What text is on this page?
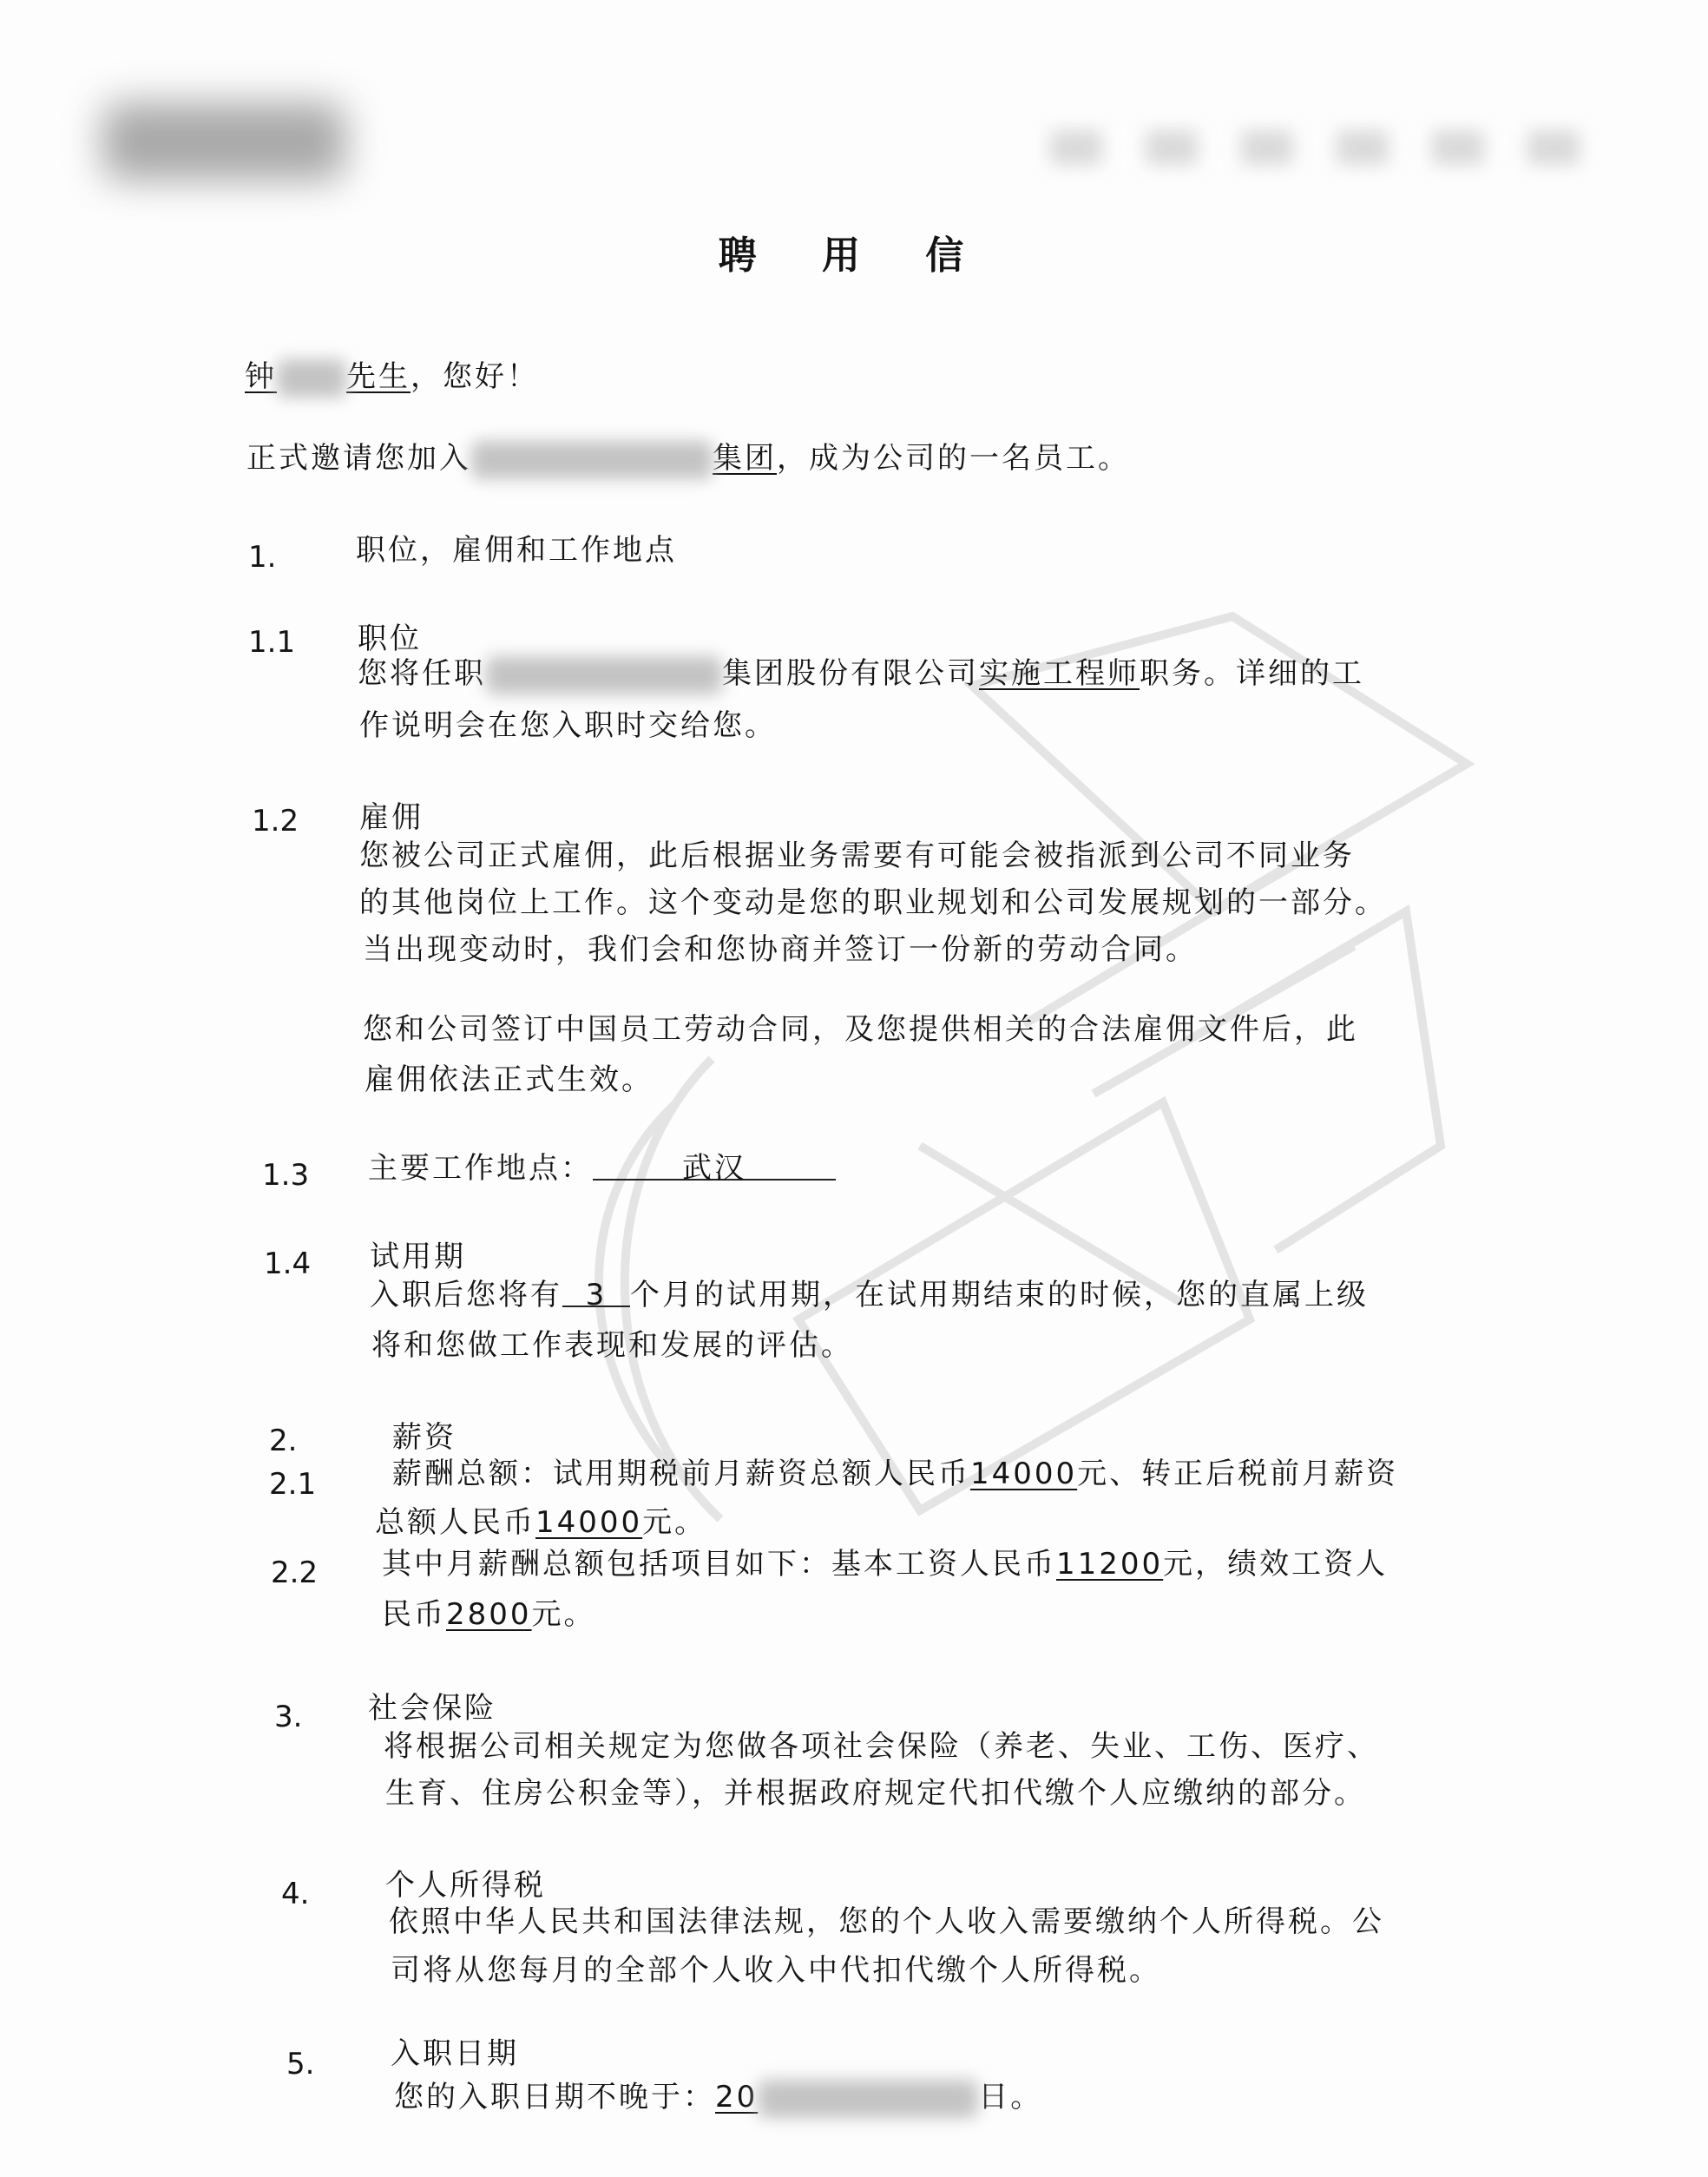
聘 用 信
钟 先生，您好！
正式邀请您加入	集团，成为公司的一名员工。
1.	职位，雇佣和工作地点
1.1 职位
您将任职	集团股份有限公司实施工程师职务。详细的工
作说明会在您入职时交给您。
1.2 雇佣
您被公司正式雇佣，此后根据业务需要有可能会被指派到公司不同业务
的其他岗位上工作。这个变动是您的职业规划和公司发展规划的一部分。
当出现变动时，我们会和您协商并签订一份新的劳动合同。
您和公司签订中国员工劳动合同，及您提供相关的合法雇佣文件后，此
雇佣依法正式生效。
1.3 主要工作地点：	武汉
1.4 试用期
入职后您将有 3 个月的试用期，在试用期结束的时候，您的直属上级
将和您做工作表现和发展的评估。
2.	薪资
2.1	薪酬总额：试用期税前月薪资总额人民币14000元、转正后税前月薪资
总额人民币14000元。
2.2 其中月薪酬总额包括项目如下：基本工资人民币11200元，绩效工资人
民币2800元。
3. 社会保险
将根据公司相关规定为您做各项社会保险（养老、失业、工伤、医疗、
生育、住房公积金等），并根据政府规定代扣代缴个人应缴纳的部分。
4.	个人所得税
依照中华人民共和国法律法规，您的个人收入需要缴纳个人所得税。公
司将从您每月的全部个人收入中代扣代缴个人所得税。
5.	入职日期
您的入职日期不晚于：20	日。
